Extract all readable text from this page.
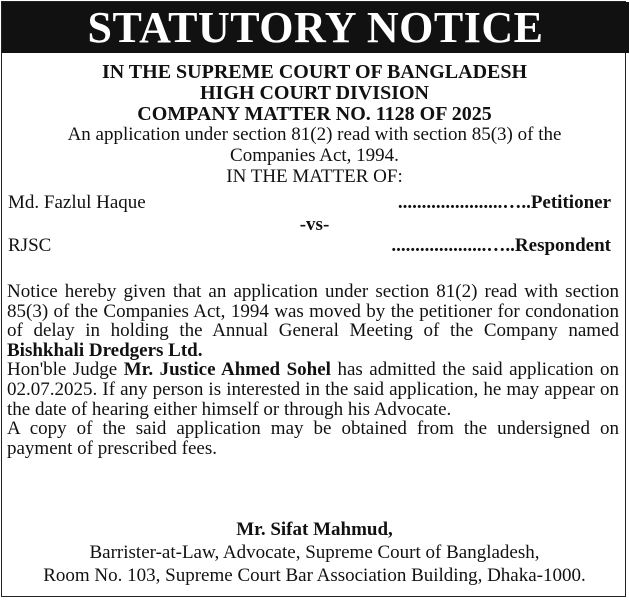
STATUTORY NOTICE
IN THE SUPREME COURT OF BANGLADESH
HIGH COURT DIVISION
COMPANY MATTER NO. 1128 OF 2025
An application under section 81(2) read with section 85(3) of the
Companies Act, 1994.
IN THE MATTER OF:
Md. Fazlul Haque	......................…..Petitioner
-vs-
RJSC	....................…..Respondent

Notice hereby given that an application under section 81(2) read with section 85(3) of the Companies Act, 1994 was moved by the petitioner for condonation of delay in holding the Annual General Meeting of the Company named Bishkhali Dredgers Ltd.

Hon'ble Judge Mr. Justice Ahmed Sohel has admitted the said application on 02.07.2025. If any person is interested in the said application, he may appear on the date of hearing either himself or through his Advocate.

A copy of the said application may be obtained from the undersigned on payment of prescribed fees.

Mr. Sifat Mahmud,
Barrister-at-Law, Advocate, Supreme Court of Bangladesh,
Room No. 103, Supreme Court Bar Association Building, Dhaka-1000.
